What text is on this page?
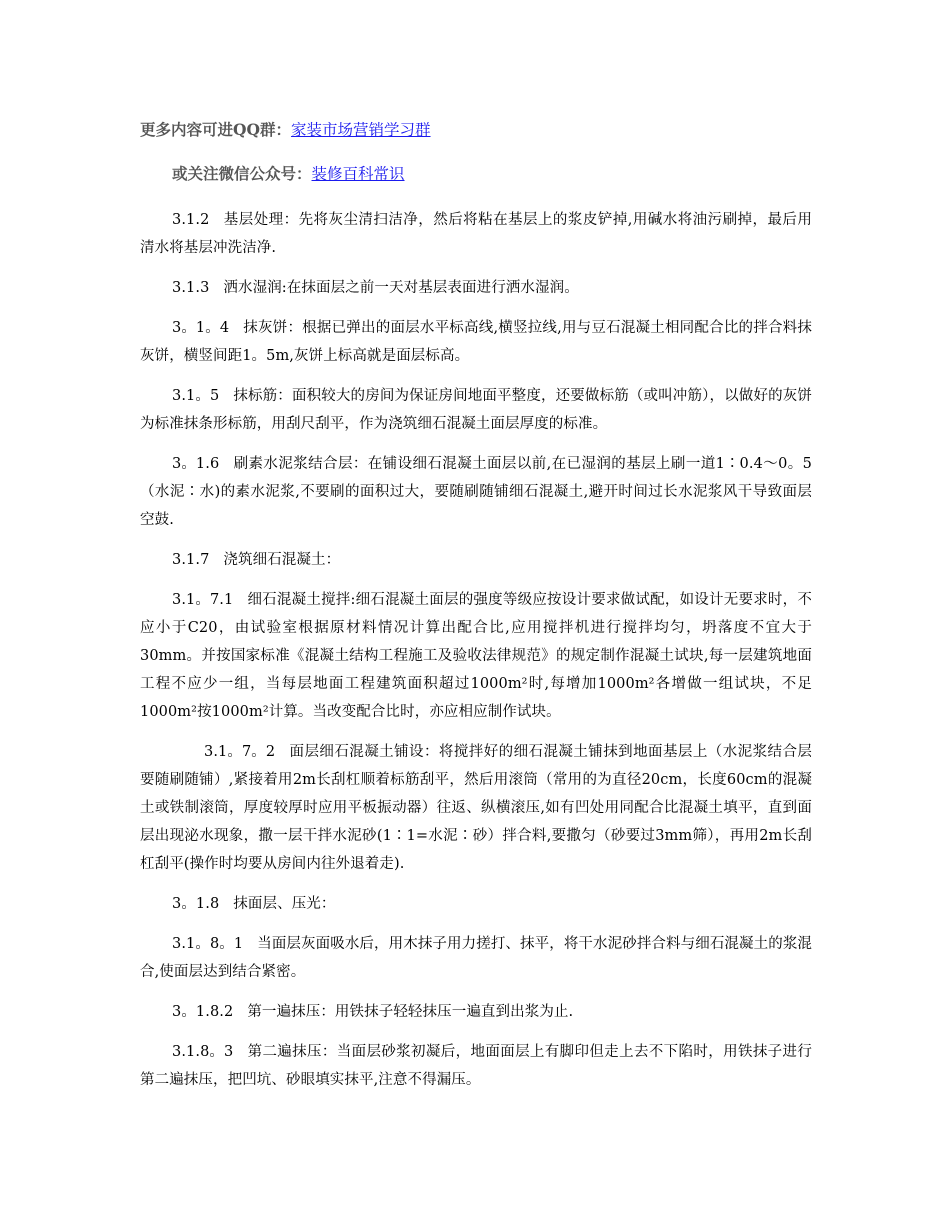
更多内容可进QQ群：家装市场营销学习群

或关注微信公众号：装修百科常识

3.1.2 基层处理：先将灰尘清扫洁净，然后将粘在基层上的浆皮铲掉,用碱水将油污刷掉，最后用清水将基层冲洗洁净.

3.1.3 洒水湿润:在抹面层之前一天对基层表面进行洒水湿润。

3。1。4 抹灰饼：根据已弹出的面层水平标高线,横竖拉线,用与豆石混凝土相同配合比的拌合料抹灰饼，横竖间距1。5m,灰饼上标高就是面层标高。

3.1。5 抹标筋：面积较大的房间为保证房间地面平整度，还要做标筋（或叫冲筋），以做好的灰饼为标准抹条形标筋，用刮尺刮平，作为浇筑细石混凝土面层厚度的标准。

3。1.6 刷素水泥浆结合层：在铺设细石混凝土面层以前,在已湿润的基层上刷一道1∶0.4～0。5（水泥∶水)的素水泥浆,不要刷的面积过大，要随刷随铺细石混凝土,避开时间过长水泥浆风干导致面层空鼓.

3.1.7 浇筑细石混凝土：

3.1。7.1 细石混凝土搅拌:细石混凝土面层的强度等级应按设计要求做试配，如设计无要求时，不应小于C20，由试验室根据原材料情况计算出配合比,应用搅拌机进行搅拌均匀，坍落度不宜大于30mm。并按国家标准《混凝土结构工程施工及验收法律规范》的规定制作混凝土试块,每一层建筑地面工程不应少一组，当每层地面工程建筑面积超过1000m²时,每增加1000m²各增做一组试块，不足1000m²按1000m²计算。当改变配合比时，亦应相应制作试块。

3.1。7。2 面层细石混凝土铺设：将搅拌好的细石混凝土铺抹到地面基层上（水泥浆结合层要随刷随铺）,紧接着用2m长刮杠顺着标筋刮平，然后用滚筒（常用的为直径20cm，长度60cm的混凝土或铁制滚筒，厚度较厚时应用平板振动器）往返、纵横滚压,如有凹处用同配合比混凝土填平，直到面层出现泌水现象，撒一层干拌水泥砂(1∶1=水泥∶砂）拌合料,要撒匀（砂要过3mm筛），再用2m长刮杠刮平(操作时均要从房间内往外退着走).

3。1.8 抹面层、压光：

3.1。8。1 当面层灰面吸水后，用木抹子用力搓打、抹平，将干水泥砂拌合料与细石混凝土的浆混合,使面层达到结合紧密。

3。1.8.2 第一遍抹压：用铁抹子轻轻抹压一遍直到出浆为止.

3.1.8。3 第二遍抹压：当面层砂浆初凝后，地面面层上有脚印但走上去不下陷时，用铁抹子进行第二遍抹压，把凹坑、砂眼填实抹平,注意不得漏压。
